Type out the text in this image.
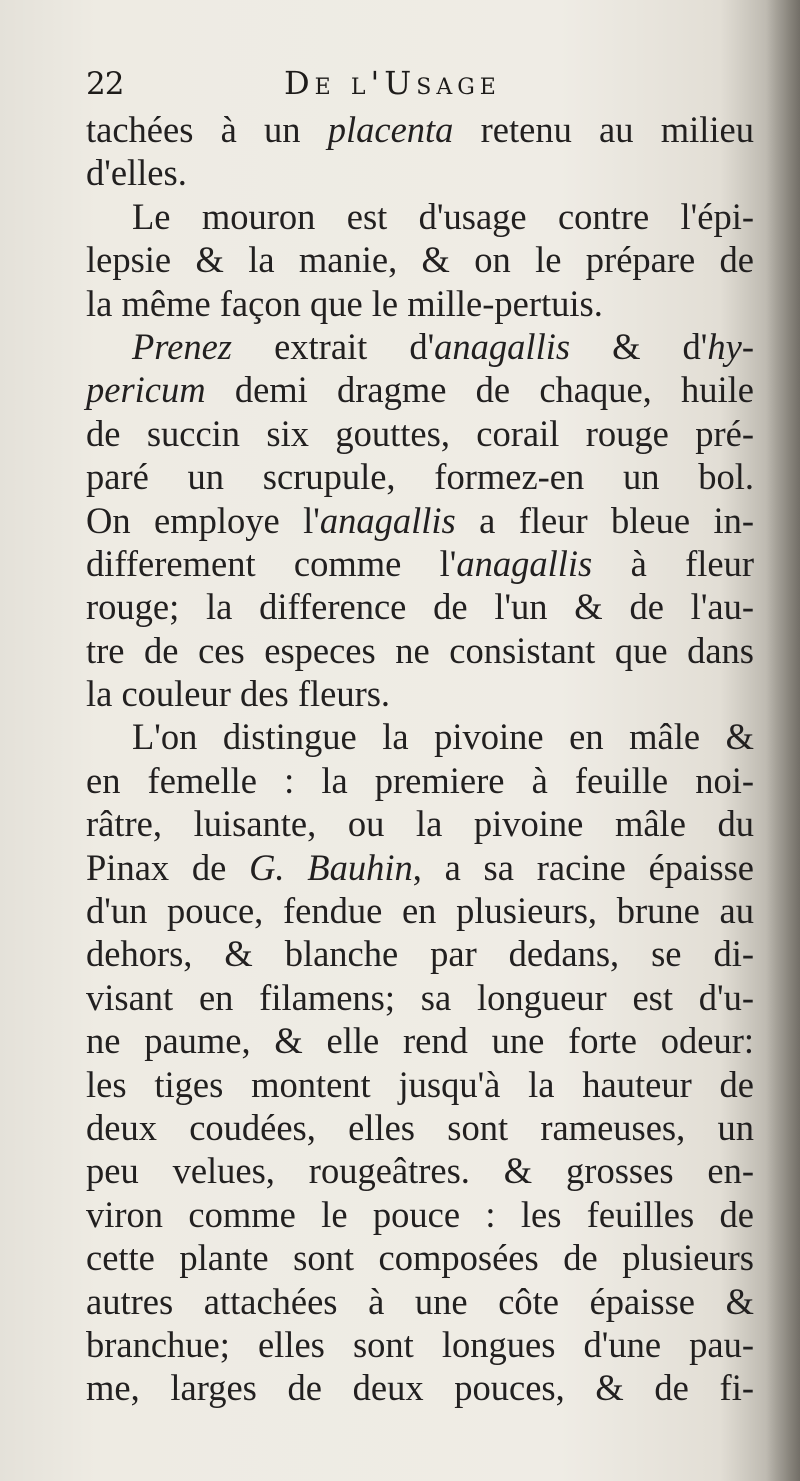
22	De l'Usage
tachées à un placenta retenu au milieu
d'elles.
Le mouron est d'usage contre l'épi-
lepsie & la manie, & on le prépare de
la même façon que le mille-pertuis.
Prenez extrait d'anagallis & d'hy-
pericum demi dragme de chaque, huile
de succin six gouttes, corail rouge pré-
paré un scrupule, formez-en un bol.
On employe l'anagallis a fleur bleue in-
differement comme l'anagallis à fleur
rouge; la difference de l'un & de l'au-
tre de ces especes ne consistant que dans
la couleur des fleurs.
L'on distingue la pivoine en mâle &
en femelle : la premiere à feuille noi-
râtre, luisante, ou la pivoine mâle du
Pinax de G. Bauhin, a sa racine épaisse
d'un pouce, fendue en plusieurs, brune au
dehors, & blanche par dedans, se di-
visant en filamens; sa longueur est d'u-
ne paume, & elle rend une forte odeur:
les tiges montent jusqu'à la hauteur de
deux coudées, elles sont rameuses, un
peu velues, rougeâtres. & grosses en-
viron comme le pouce : les feuilles de
cette plante sont composées de plusieurs
autres attachées à une côte épaisse &
branchue; elles sont longues d'une pau-
me, larges de deux pouces, & de fi-
